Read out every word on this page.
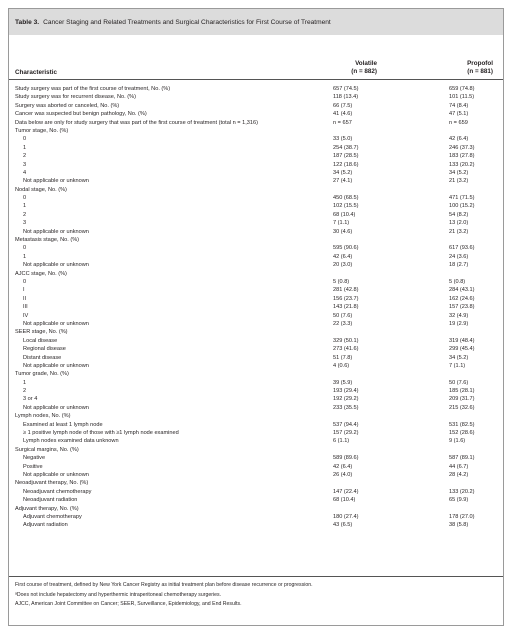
Table 3. Cancer Staging and Related Treatments and Surgical Characteristics for First Course of Treatment
Characteristic
Volatile
(n = 882)
Propofol
(n = 881)
Study surgery was part of the first course of treatment, No. (%)	657 (74.5)	659 (74.8)
Study surgery was for recurrent disease, No. (%)	118 (13.4)	101 (11.5)
Surgery was aborted or canceled, No. (%)	66 (7.5)	74 (8.4)
Cancer was suspected but benign pathology, No. (%)	41 (4.6)	47 (5.1)
Data below are only for study surgery that was part of the first course of treatment (total n = 1,316)	n = 657	n = 659
Tumor stage, No. (%)
0	33 (5.0)	42 (6.4)
1	254 (38.7)	246 (37.3)
2	187 (28.5)	183 (27.8)
3	122 (18.6)	133 (20.2)
4	34 (5.2)	34 (5.2)
Not applicable or unknown	27 (4.1)	21 (3.2)
Nodal stage, No. (%)
0	450 (68.5)	471 (71.5)
1	102 (15.5)	100 (15.2)
2	68 (10.4)	54 (8.2)
3	7 (1.1)	13 (2.0)
Not applicable or unknown	30 (4.6)	21 (3.2)
Metastasis stage, No. (%)
0	595 (90.6)	617 (93.6)
1	42 (6.4)	24 (3.6)
Not applicable or unknown	20 (3.0)	18 (2.7)
AJCC stage, No. (%)
0	5 (0.8)	5 (0.8)
I	281 (42.8)	284 (43.1)
II	156 (23.7)	162 (24.6)
III	143 (21.8)	157 (23.8)
IV	50 (7.6)	32 (4.9)
Not applicable or unknown	22 (3.3)	19 (2.9)
SEER stage, No. (%)
Local disease	329 (50.1)	319 (48.4)
Regional disease	273 (41.6)	299 (45.4)
Distant disease	51 (7.8)	34 (5.2)
Not applicable or unknown	4 (0.6)	7 (1.1)
Tumor grade, No. (%)
1	39 (5.9)	50 (7.6)
2	193 (29.4)	185 (28.1)
3 or 4	192 (29.2)	209 (31.7)
Not applicable or unknown	233 (35.5)	215 (32.6)
Lymph nodes, No. (%)
Examined at least 1 lymph node	537 (94.4)	531 (82.5)
≥ 1 positive lymph node of those with ≥1 lymph node examined	157 (29.2)	152 (28.6)
Lymph nodes examined data unknown	6 (1.1)	9 (1.6)
Surgical margins, No. (%)
Negative	589 (89.6)	587 (89.1)
Positive	42 (6.4)	44 (6.7)
Not applicable or unknown	26 (4.0)	28 (4.2)
Neoadjuvant therapy, No. (%)
Neoadjuvant chemotherapy	147 (22.4)	133 (20.2)
Neoadjuvant radiation	68 (10.4)	65 (9.9)
Adjuvant therapy, No. (%)
Adjuvant chemotherapy	180 (27.4)	178 (27.0)
Adjuvant radiation	43 (6.5)	38 (5.8)
First course of treatment, defined by New York Cancer Registry as initial treatment plan before disease recurrence or progression.
ᵃDoes not include hepatectomy and hyperthermic intraperitoneal chemotherapy surgeries.
AJCC, American Joint Committee on Cancer; SEER, Surveillance, Epidemiology, and End Results.
